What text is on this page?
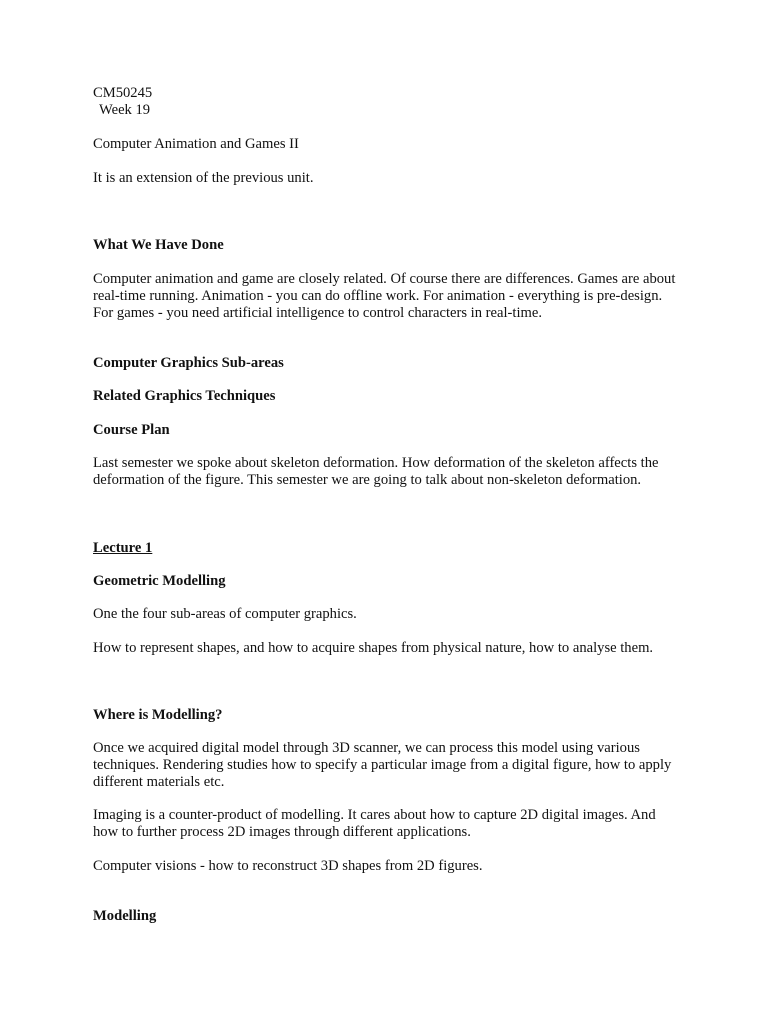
CM50245

Week 19

Computer Animation and Games II

It is an extension of the previous unit.

What We Have Done

Computer animation and game are closely related. Of course there are differences. Games are about real-time running. Animation - you can do offline work. For animation - everything is pre-design. For games - you need artificial intelligence to control characters in real-time.

Computer Graphics Sub-areas

Related Graphics Techniques

Course Plan

Last semester we spoke about skeleton deformation. How deformation of the skeleton affects the deformation of the figure. This semester we are going to talk about non-skeleton deformation.

Lecture 1

Geometric Modelling

One the four sub-areas of computer graphics.

How to represent shapes, and how to acquire shapes from physical nature, how to analyse them.

Where is Modelling?

Once we acquired digital model through 3D scanner, we can process this model using various techniques. Rendering studies how to specify a particular image from a digital figure, how to apply different materials etc.

Imaging is a counter-product of modelling. It cares about how to capture 2D digital images. And how to further process 2D images through different applications.

Computer visions - how to reconstruct 3D shapes from 2D figures.

Modelling
